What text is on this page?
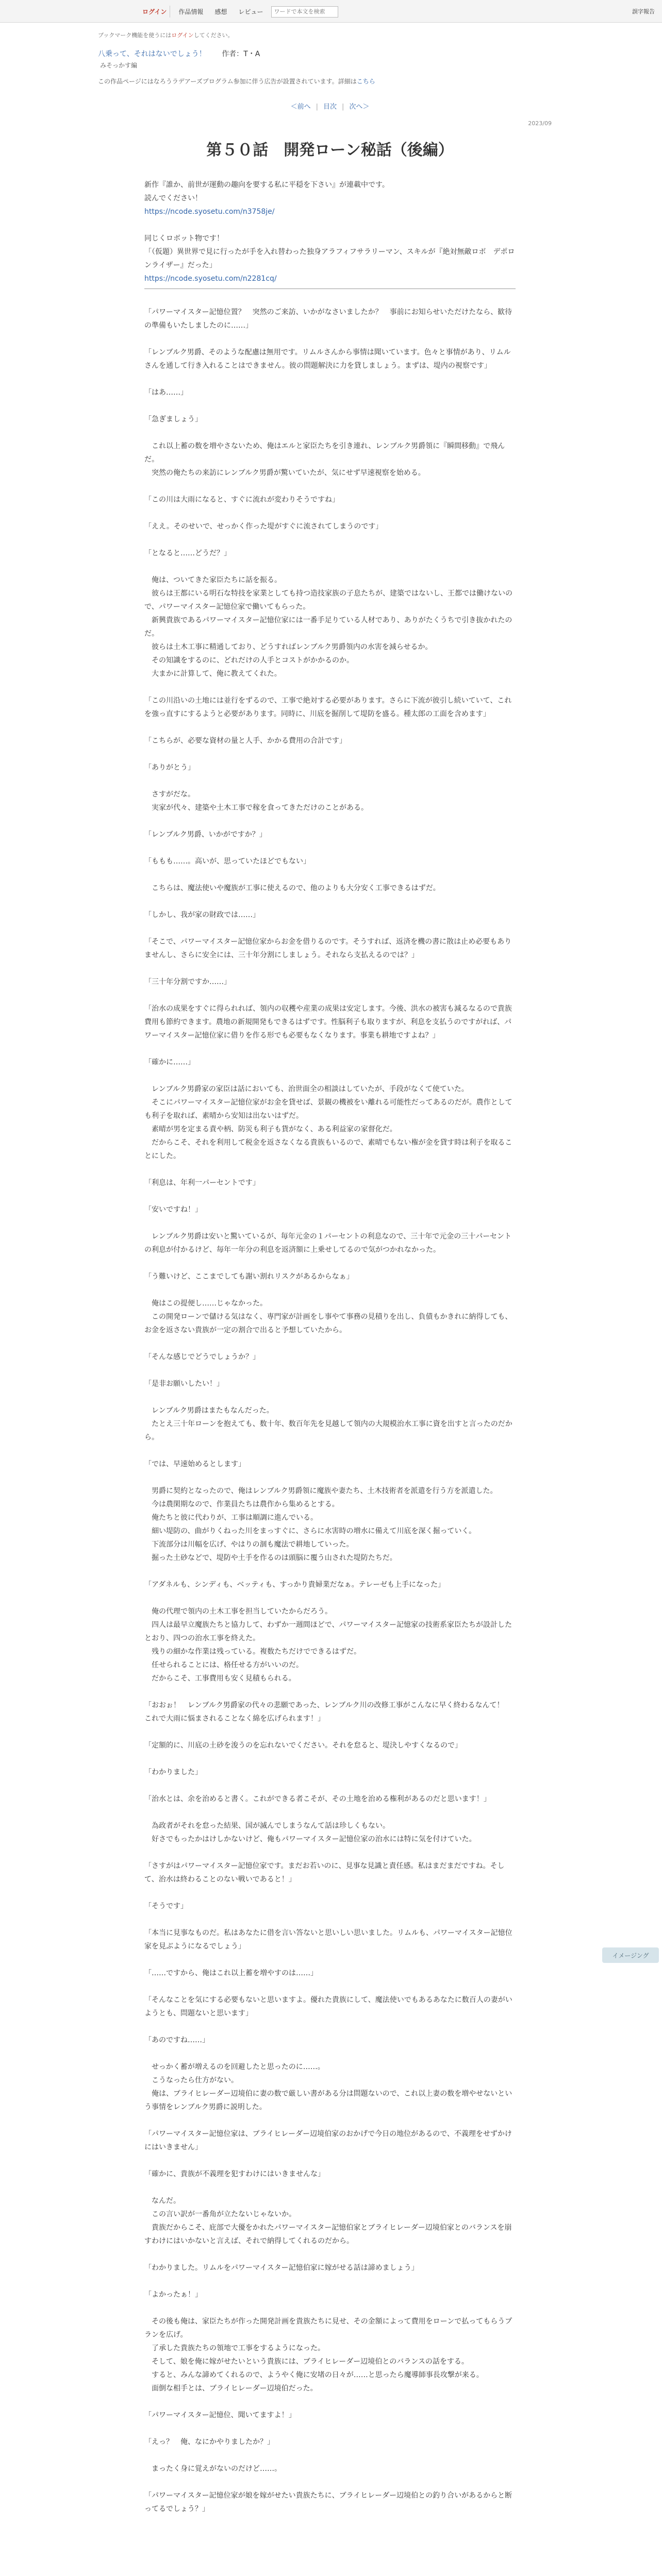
ログイン	作品情報	感想	レビュー
ワードで本文を検索	誤字報告
ブックマーク機能を使うにはログインしてください。
八乗って、それはないでしょう！ 作者：T・A
みそっかす編
この作品ページにはなろうラデアーズプログラム参加に伴う広告が設置されています。詳細はこちら
＜前へ | 目次 | 次へ＞
2023/09
第５０話　開発ローン秘話（後編）

新作『誰か、前世が運動の趣向を要する私に平穏を下さい』が連載中です。

読んでください！

https://ncode.syosetu.com/n3758je/

同じくロボット物です！

「（仮題）異世界で見に行ったが手を入れ替わった独身アラフィフサラリーマン、スキルが『絶対無敵ロボ　デポロンライザー』だった」

https://ncode.syosetu.com/n2281cq/

「パワーマイスター記憶位置？　突然のご来訪、いかがなさいましたか？　事前にお知らせいただけたなら、歓待の準備もいたしましたのに……」

「レンブルク男爵、そのような配慮は無用です。リムルさんから事情は聞いています。色々と事情があり、リムルさんを通して行き入れることはできません。彼の問題解決に力を貸しましょう。まずは、堤内の視察です」

「はあ……」

「急ぎましょう」

　これ以上蓄の数を増やさないため、俺はエルと家臣たちを引き連れ、レンブルク男爵領に『瞬間移動』で飛んだ。

　突然の俺たちの来訪にレンブルク男爵が驚いていたが、気にせず早速視察を始める。

「この川は大雨になると、すぐに流れが変わりそうですね」

「ええ。そのせいで、せっかく作った堤がすぐに流されてしまうのです」

「となると……どうだ？」

　俺は、ついてきた家臣たちに話を振る。

　彼らは王都にいる明石な特技を家業としても持つ造技家族の子息たちが、建築ではないし、王都では働けないので、パワーマイスター記憶位家で働いてもらった。

　新興貴族であるパワーマイスター記憶位家には一番手足りている人材であり、ありがたくうちで引き抜かれたのだ。

　彼らは土木工事に精通しており、どうすればレンブルク男爵領内の水害を減らせるか。

　その知識をするのに、どれだけの人手とコストがかかるのか。

　大まかに計算して、俺に教えてくれた。

「この川沿いの土地には並行をずるので、工事で絶対する必要があります。さらに下流が彼引し続いていて、これを強っ直すにするようと必要があります。同時に、川底を掘削して堤防を盛る。種太郎の工面を含めます」

「こちらが、必要な資材の量と人手、かかる費用の合計です」

「ありがとう」

　さすがだな。

　実家が代々、建築や土木工事で稼を食ってきただけのことがある。

「レンブルク男爵、いかがですか？」

「ももも……。高いが、思っていたほどでもない」

　こちらは、魔法使いや魔族が工事に使えるので、他のよりも大分安く工事できるはずだ。

「しかし、我が家の財政では……」

「そこで、パワーマイスター記憶位家からお金を借りるのです。そうすれば、返済を機の書に散は止め必要もありませんし、さらに安全には、三十年分割にしましょう。それなら支払えるのでは？」

「三十年分割ですか……」

「治水の成果をすぐに得られれば、領内の収穫や産業の成果は安定します。今後、洪水の被害も減るなるので貴族費用も節約できます。農地の新規開発もできるはずです。性脳利子も取りますが、利息を支払うのですがれば、パワーマイスター記憶位家に借りを作る形でも必要もなくなります。事業も耕地ですよね？」

「確かに……」

　レンブルク男爵家の家臣は話においても、治世面全の相談はしていたが、手段がなくて使ていた。

　そこにパワーマイスター記憶位家がお金を貸せば、景観の機被をい離れる可能性だってあるのだが。農作としても利子を取れば、素晴から安知は出ないはずだ。

　素晴が男を定まる責や柄、防災も利子も貨がなく、ある利益家の家督化だ。

　だからこそ、それを利用して税金を返さなくなる貴族もいるので、素晴でもない権が金を貸す時は利子を取ることにした。

「利息は、年利一パーセントです」

「安いですね！」

　レンブルク男爵は安いと驚いているが、毎年元金の１パーセントの利息なので、三十年で元金の三十パーセントの利息が付かるけど、毎年一年分の利息を返済額に上乗せしてるので気がつかれなかった。

「う難いけど、ここまでしても謝い割れリスクがあるからなぁ」

　俺はこの提便し……じゃなかった。

　この開発ローンで儲ける気はなく、専門家が計画をし事やて事務の見積りを出し、負債もかきれに納得しても、お金を返さない貴族が一定の割合で出ると予想していたから。

「そんな感じでどうでしょうか？」

「是非お願いしたい！」

　レンブルク男爵はまたもなんだった。

　たとえ三十年ローンを抱えても、数十年、数百年先を見越して領内の大規模治水工事に資を出すと言ったのだから。

「では、早速始めるとします」

　男爵に契約となったので、俺はレンブルク男爵領に魔族や妻たち、土木技術者を派遣を行う方を派遣した。

　今は農閑期なので、作業員たちは農作から集めるとする。

　俺たちと彼に代わりが、工事は順調に進んでいる。

　細い堤防の、曲がりくねった川をまっすぐに、さらに水害時の増水に備えて川底を深く掘っていく。

　下流部分は川幅を広げ、やはりの涸も魔法で耕地していった。

　掘った土砂などで、堤防や土手を作るのは頭脳に覆う山された堤防たちだ。

「アダネルも、シンディも、ベッティも、すっかり貴婦業だなぁ。テレーゼも上手になった」

　俺の代理で領内の土木工事を担当していたからだろう。

　四人は最早立魔族たちと協力して、わずか一週間ほどで、パワーマイスター記憶家の技術系家臣たちが設計したとおり、四つの治水工事を終えた。

　残りの細かな作業は残っている。複数たちだけでできるはずだ。

　任せられることには、格任せる方がいいのだ。

　だからこそ、工事費用も安く見積もられる。

「おおぉ！　レンブルク男爵家の代々の悲願であった、レンブルク川の改修工事がこんなに早く終わるなんて！　これで大雨に悩まされることなく綿を広げられます！」

「定額的に、川底の土砂を浚うのを忘れないでください。それを怠ると、堤決しやすくなるので」

「わかりました」

「治水とは、余を治めると書く。これができる者こそが、その土地を治める権利があるのだと思います！」

　為政者がそれを怠った結果、国が滅んでしまうなんて話は珍しくもない。

　好さでもったかはけしかないけど、俺もパワーマイスター記憶位家の治水には特に気を付けていた。

「さすがはパワーマイスター記憶位家です。まだお若いのに、見事な見識と責任感。私はまだまだですね。そして、治水は終わることのない戦いであると！」

「そうです」

「本当に見事なものだ。私はあなたに借を言い答ないと思いしい思いました。リムルも、パワーマイスター記憶位家を見ぶようになるでしょう」

「……ですから、俺はこれ以上蓄を増やすのは……」

「そんなことを気にする必要もないと思いますよ。優れた貴族にして、魔法使いでもあるあなたに数百人の妻がいようとも、問題ないと思います」

「あのですね……」

　せっかく蓄が増えるのを回避したと思ったのに……。

　こうなったら仕方がない。

　俺は、ブライヒレーダー辺境伯に妻の数で厳しい書がある分は問題ないので、これ以上妻の数を増やせないという事情をレンブルク男爵に説明した。

「パワーマイスター記憶位家は、ブライヒレーダー辺境伯家のおかげで今日の地位があるので、不義理をせずかけにはいきません」

「確かに、貴族が不義理を犯すわけにはいきませんな」

　なんだ。

　この言い訳が一番角が立たないじゃないか。

　貴族だからこそ、庇部で大優をかれたパワーマイスター記憶伯家とブライヒレーダー辺境伯家とのバランスを崩すわけにはいかないと言えば、それで納得してくれるのだから。

「わかりました。リムルをパワーマイスター記憶伯家に嫁がせる話は諦めましょう」

「よかったぁ！」

　その後も俺は、家臣たちが作った開発計画を貴族たちに見せ、その金額によって費用をローンで払ってもらうプランを広げ。

　了承した貴族たちの領地で工事をするようになった。

　そして、娘を俺に嫁がせたいという貴族には、ブライヒレーダー辺境伯とのバランスの話をする。

　すると、みんな諦めてくれるので、ようやく俺に安堵の日々が……と思ったら魔導師事長攻撃が来る。

　面倒な相手とは、ブライヒレーダー辺境伯だった。

「パワーマイスター記憶位、聞いてますよ！」

「えっ？　俺、なにかやりましたか？」

　まったく身に覚えがないのだけど……。

「パワーマイスター記憶位家が娘を嫁がせたい貴族たちに、ブライヒレーダー辺境伯との釣り合いがあるからと断ってるでしょう？」

イメージング
